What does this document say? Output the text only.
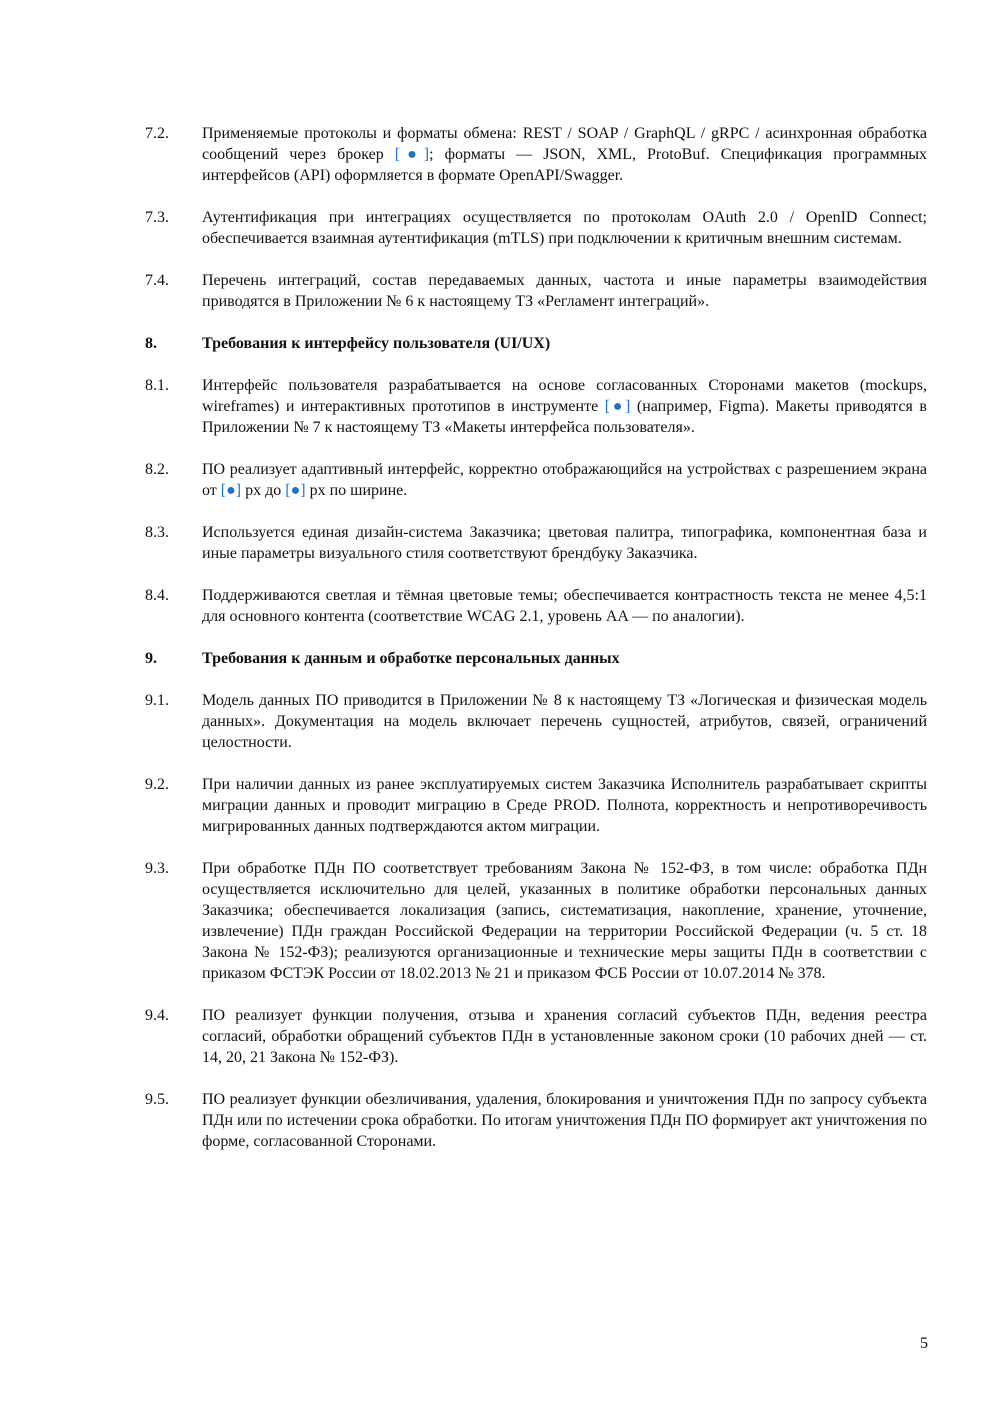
7.2.	Применяемые протоколы и форматы обмена: REST / SOAP / GraphQL / gRPC / асинхронная обработка сообщений через брокер [●]; форматы — JSON, XML, ProtoBuf. Спецификация программных интерфейсов (API) оформляется в формате OpenAPI/Swagger.
7.3.	Аутентификация при интеграциях осуществляется по протоколам OAuth 2.0 / OpenID Connect; обеспечивается взаимная аутентификация (mTLS) при подключении к критичным внешним системам.
7.4.	Перечень интеграций, состав передаваемых данных, частота и иные параметры взаимодействия приводятся в Приложении № 6 к настоящему ТЗ «Регламент интеграций».
8.	Требования к интерфейсу пользователя (UI/UX)
8.1.	Интерфейс пользователя разрабатывается на основе согласованных Сторонами макетов (mockups, wireframes) и интерактивных прототипов в инструменте [●] (например, Figma). Макеты приводятся в Приложении № 7 к настоящему ТЗ «Макеты интерфейса пользователя».
8.2.	ПО реализует адаптивный интерфейс, корректно отображающийся на устройствах с разрешением экрана от [●] px до [●] px по ширине.
8.3.	Используется единая дизайн-система Заказчика; цветовая палитра, типографика, компонентная база и иные параметры визуального стиля соответствуют брендбуку Заказчика.
8.4.	Поддерживаются светлая и тёмная цветовые темы; обеспечивается контрастность текста не менее 4,5:1 для основного контента (соответствие WCAG 2.1, уровень AA — по аналогии).
9.	Требования к данным и обработке персональных данных
9.1.	Модель данных ПО приводится в Приложении № 8 к настоящему ТЗ «Логическая и физическая модель данных». Документация на модель включает перечень сущностей, атрибутов, связей, ограничений целостности.
9.2.	При наличии данных из ранее эксплуатируемых систем Заказчика Исполнитель разрабатывает скрипты миграции данных и проводит миграцию в Среде PROD. Полнота, корректность и непротиворечивость мигрированных данных подтверждаются актом миграции.
9.3.	При обработке ПДн ПО соответствует требованиям Закона № 152-ФЗ, в том числе: обработка ПДн осуществляется исключительно для целей, указанных в политике обработки персональных данных Заказчика; обеспечивается локализация (запись, систематизация, накопление, хранение, уточнение, извлечение) ПДн граждан Российской Федерации на территории Российской Федерации (ч. 5 ст. 18 Закона № 152-ФЗ); реализуются организационные и технические меры защиты ПДн в соответствии с приказом ФСТЭК России от 18.02.2013 № 21 и приказом ФСБ России от 10.07.2014 № 378.
9.4.	ПО реализует функции получения, отзыва и хранения согласий субъектов ПДн, ведения реестра согласий, обработки обращений субъектов ПДн в установленные законом сроки (10 рабочих дней — ст. 14, 20, 21 Закона № 152-ФЗ).
9.5.	ПО реализует функции обезличивания, удаления, блокирования и уничтожения ПДн по запросу субъекта ПДн или по истечении срока обработки. По итогам уничтожения ПДн ПО формирует акт уничтожения по форме, согласованной Сторонами.
5
